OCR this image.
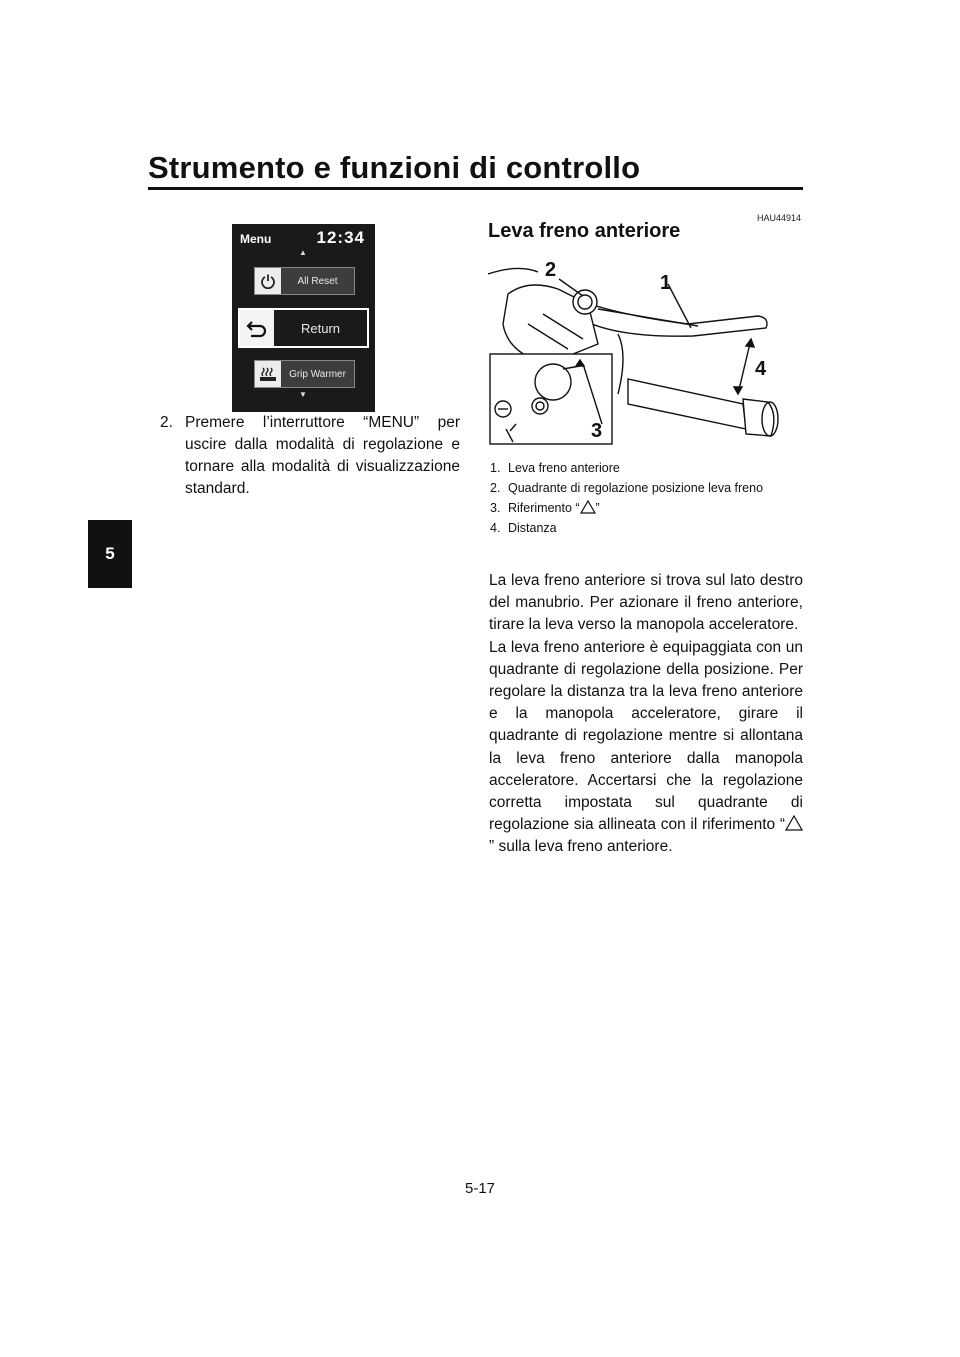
Strumento e funzioni di controllo
5
Menu	12:34
▲
All Reset
Return
Grip Warmer
▼
2. Premere l’interruttore “MENU” per uscire dalla modalità di regolazione e tornare alla modalità di visualizzazione standard.
HAU44914
Leva freno anteriore
1
2
3
4
1. Leva freno anteriore
2. Quadrante di regolazione posizione leva freno
3. Riferimento “ ”
4. Distanza

La leva freno anteriore si trova sul lato destro del manubrio. Per azionare il freno anteriore, tirare la leva verso la manopola acceleratore.

La leva freno anteriore è equipaggiata con un quadrante di regolazione della posizione. Per regolare la distanza tra la leva freno anteriore e la manopola acceleratore, girare il quadrante di regolazione mentre si allontana la leva freno anteriore dalla manopola acceleratore. Accertarsi che la regolazione corretta impostata sul quadrante di regolazione sia allineata con il riferimento “” sulla leva freno anteriore.

5-17
